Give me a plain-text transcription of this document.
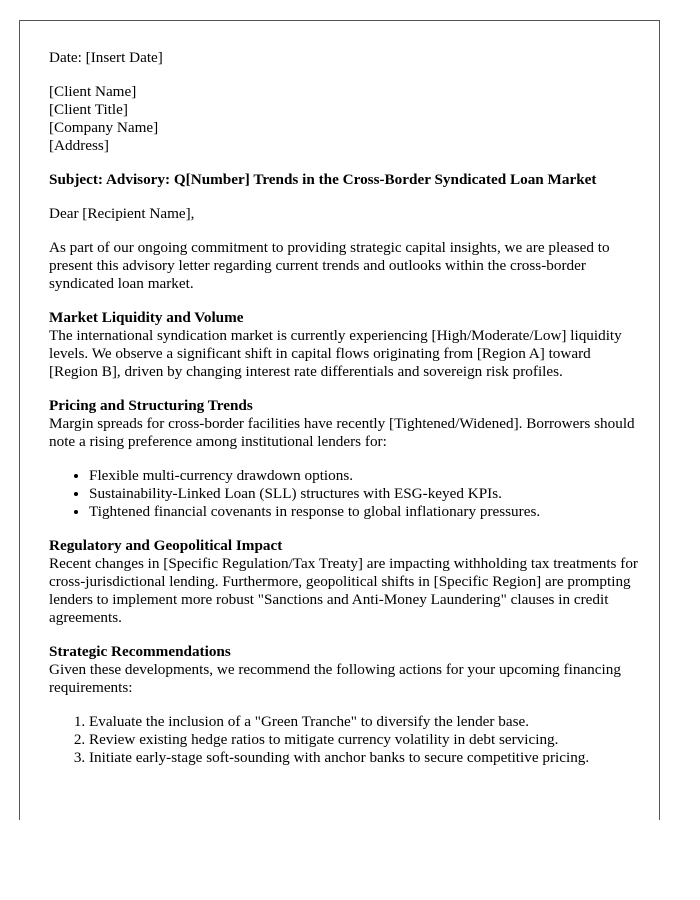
Date: [Insert Date]

[Client Name]

[Client Title]

[Company Name]

[Address]

Subject: Advisory: Q[Number] Trends in the Cross-Border Syndicated Loan Market

Dear [Recipient Name],

As part of our ongoing commitment to providing strategic capital insights, we are pleased to present this advisory letter regarding current trends and outlooks within the cross-border syndicated loan market.

Market Liquidity and Volume

The international syndication market is currently experiencing [High/Moderate/Low] liquidity levels. We observe a significant shift in capital flows originating from [Region A] toward [Region B], driven by changing interest rate differentials and sovereign risk profiles.

Pricing and Structuring Trends

Margin spreads for cross-border facilities have recently [Tightened/Widened]. Borrowers should note a rising preference among institutional lenders for:

• Flexible multi-currency drawdown options.
• Sustainability-Linked Loan (SLL) structures with ESG-keyed KPIs.
• Tightened financial covenants in response to global inflationary pressures.

Regulatory and Geopolitical Impact

Recent changes in [Specific Regulation/Tax Treaty] are impacting withholding tax treatments for cross-jurisdictional lending. Furthermore, geopolitical shifts in [Specific Region] are prompting lenders to implement more robust "Sanctions and Anti-Money Laundering" clauses in credit agreements.

Strategic Recommendations

Given these developments, we recommend the following actions for your upcoming financing requirements:

1. Evaluate the inclusion of a "Green Tranche" to diversify the lender base.
2. Review existing hedge ratios to mitigate currency volatility in debt servicing.
3. Initiate early-stage soft-sounding with anchor banks to secure competitive pricing.
